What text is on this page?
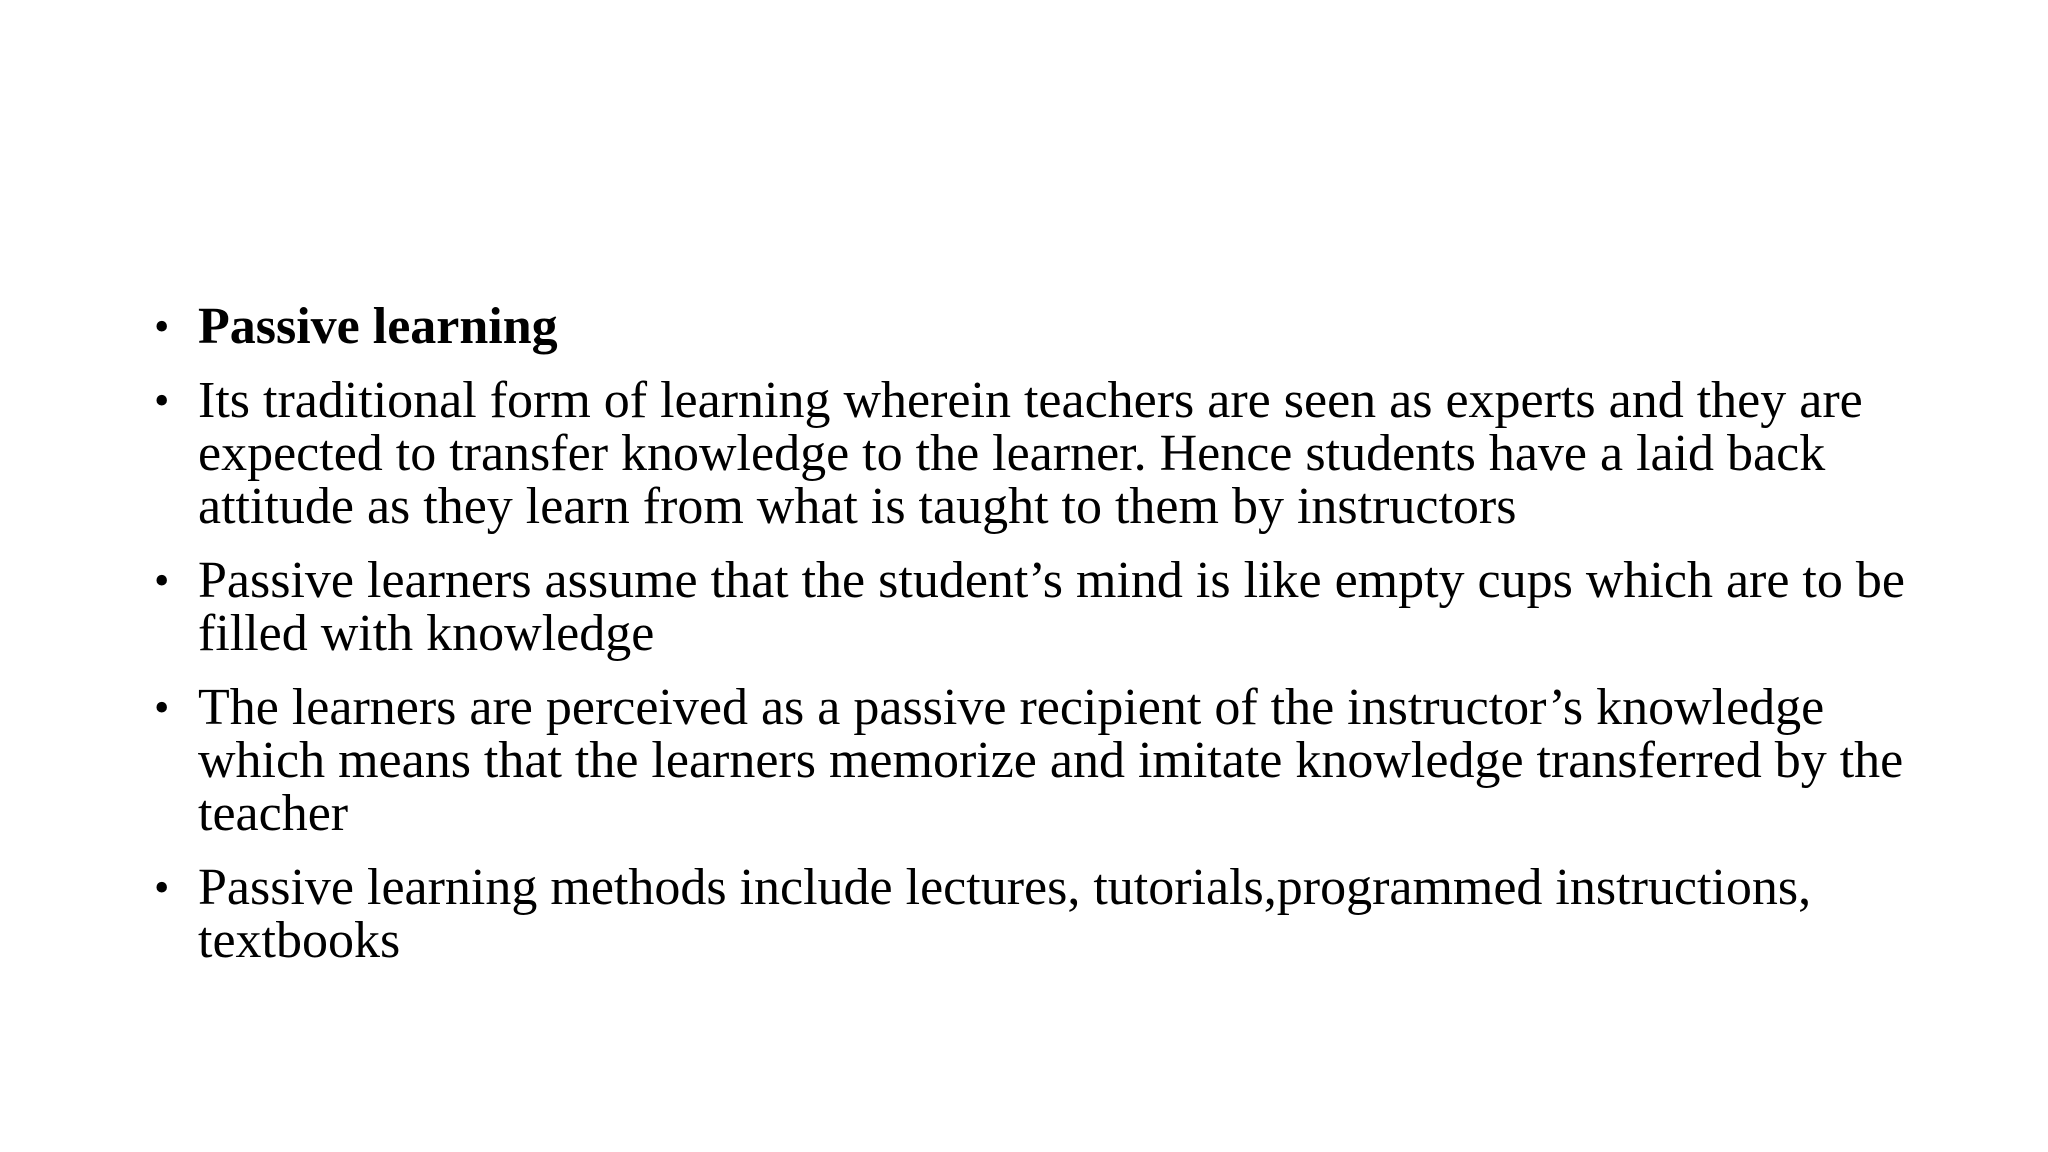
• Passive learning
• Its traditional form of learning wherein teachers are seen as experts and they are expected to transfer knowledge to the learner. Hence students have a laid back attitude as they learn from what is taught to them by instructors
• Passive learners assume that the student’s mind is like empty cups which are to be filled with knowledge
• The learners are perceived as a passive recipient of the instructor’s knowledge which means that the learners memorize and imitate knowledge transferred by the teacher
• Passive learning methods include lectures, tutorials,programmed instructions, textbooks
